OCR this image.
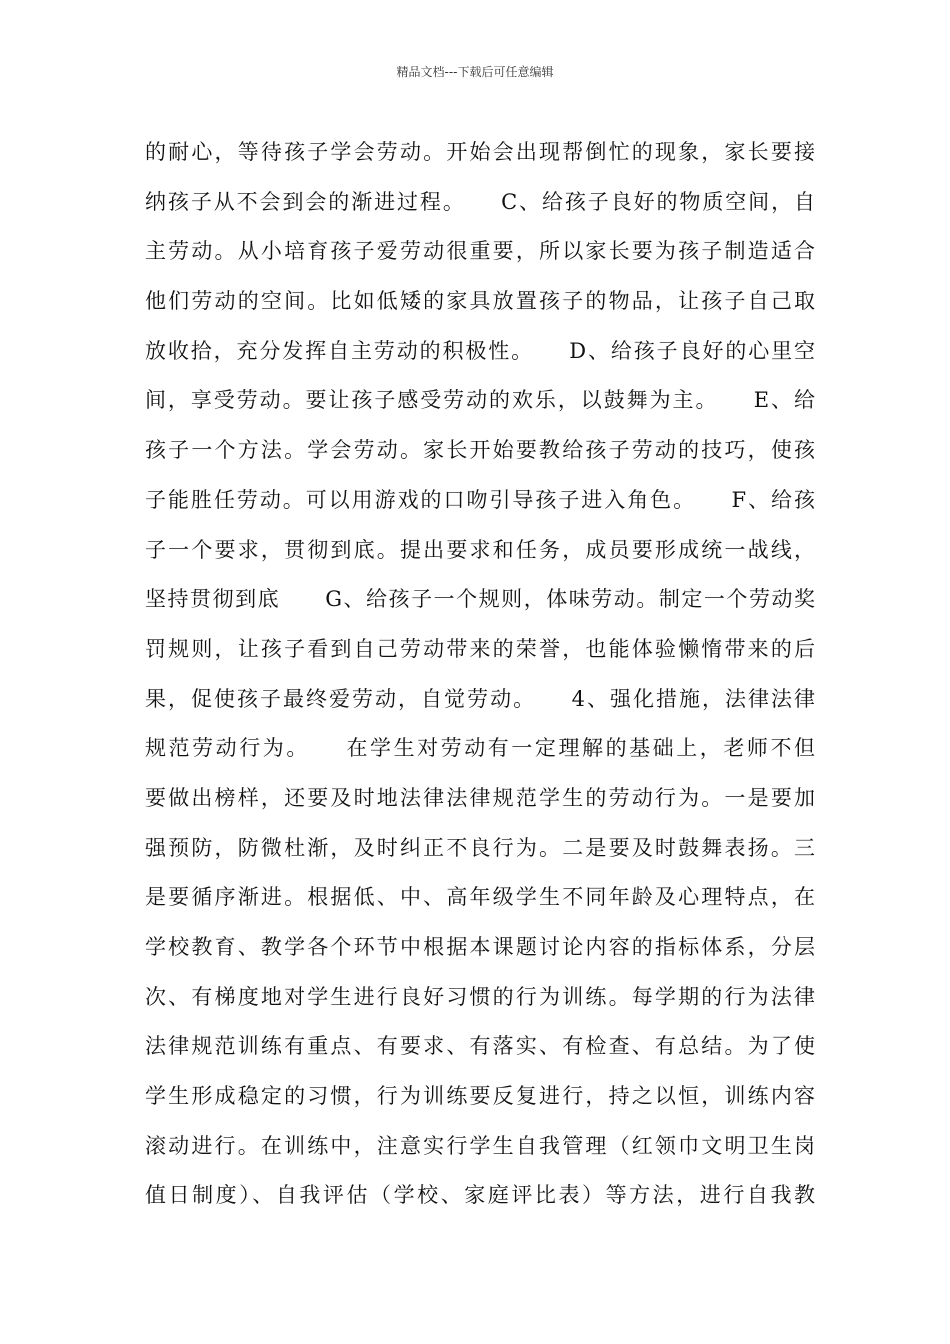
精品文档---下载后可任意编辑
的耐心，等待孩子学会劳动。开始会出现帮倒忙的现象，家长要接
纳孩子从不会到会的渐进过程。　　C、给孩子良好的物质空间，自
主劳动。从小培育孩子爱劳动很重要，所以家长要为孩子制造适合
他们劳动的空间。比如低矮的家具放置孩子的物品，让孩子自己取
放收拾，充分发挥自主劳动的积极性。　　D、给孩子良好的心里空
间，享受劳动。要让孩子感受劳动的欢乐，以鼓舞为主。　　E、给
孩子一个方法。学会劳动。家长开始要教给孩子劳动的技巧，使孩
子能胜任劳动。可以用游戏的口吻引导孩子进入角色。　　F、给孩
子一个要求，贯彻到底。提出要求和任务，成员要形成统一战线，
坚持贯彻到底　　G、给孩子一个规则，体味劳动。制定一个劳动奖
罚规则，让孩子看到自己劳动带来的荣誉，也能体验懒惰带来的后
果，促使孩子最终爱劳动，自觉劳动。　　4、强化措施，法律法律
规范劳动行为。　　在学生对劳动有一定理解的基础上，老师不但
要做出榜样，还要及时地法律法律规范学生的劳动行为。一是要加
强预防，防微杜渐，及时纠正不良行为。二是要及时鼓舞表扬。三
是要循序渐进。根据低、中、高年级学生不同年龄及心理特点，在
学校教育、教学各个环节中根据本课题讨论内容的指标体系，分层
次、有梯度地对学生进行良好习惯的行为训练。每学期的行为法律
法律规范训练有重点、有要求、有落实、有检查、有总结。为了使
学生形成稳定的习惯，行为训练要反复进行，持之以恒，训练内容
滚动进行。在训练中，注意实行学生自我管理（红领巾文明卫生岗
值日制度）、自我评估（学校、家庭评比表）等方法，进行自我教
